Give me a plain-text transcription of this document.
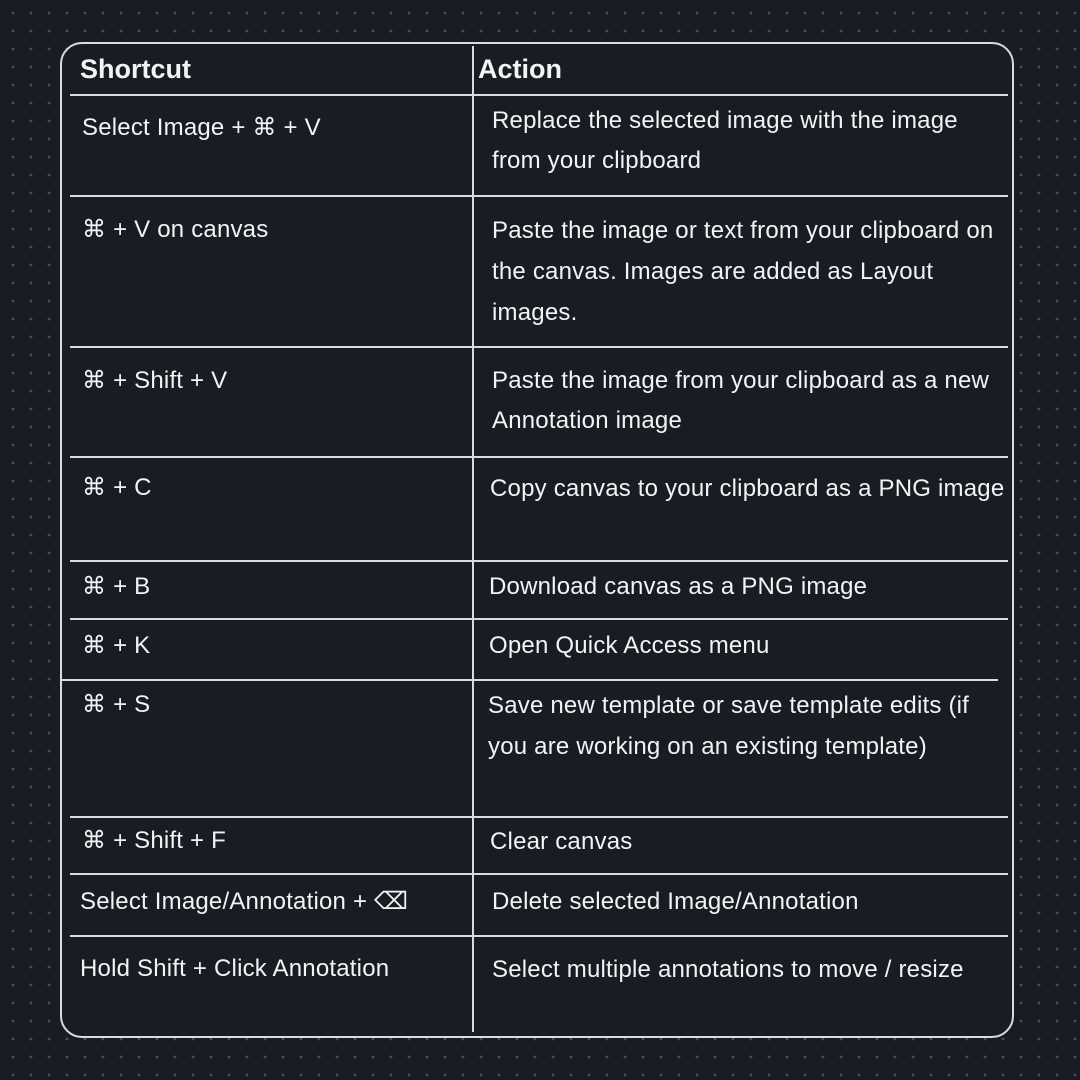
Shortcut	Action
Select Image + ⌘ + V	Replace the selected image with the image from your clipboard
⌘ + V on canvas	Paste the image or text from your clipboard on the canvas. Images are added as Layout images.
⌘ + Shift + V	Paste the image from your clipboard as a new Annotation image
⌘ + C	Copy canvas to your clipboard as a PNG image
⌘ + B	Download canvas as a PNG image
⌘ + K	Open Quick Access menu
⌘ + S	Save new template or save template edits (if you are working on an existing template)
⌘ + Shift + F	Clear canvas
Select Image/Annotation + ⌫	Delete selected Image/Annotation
Hold Shift + Click Annotation	Select multiple annotations to move / resize
